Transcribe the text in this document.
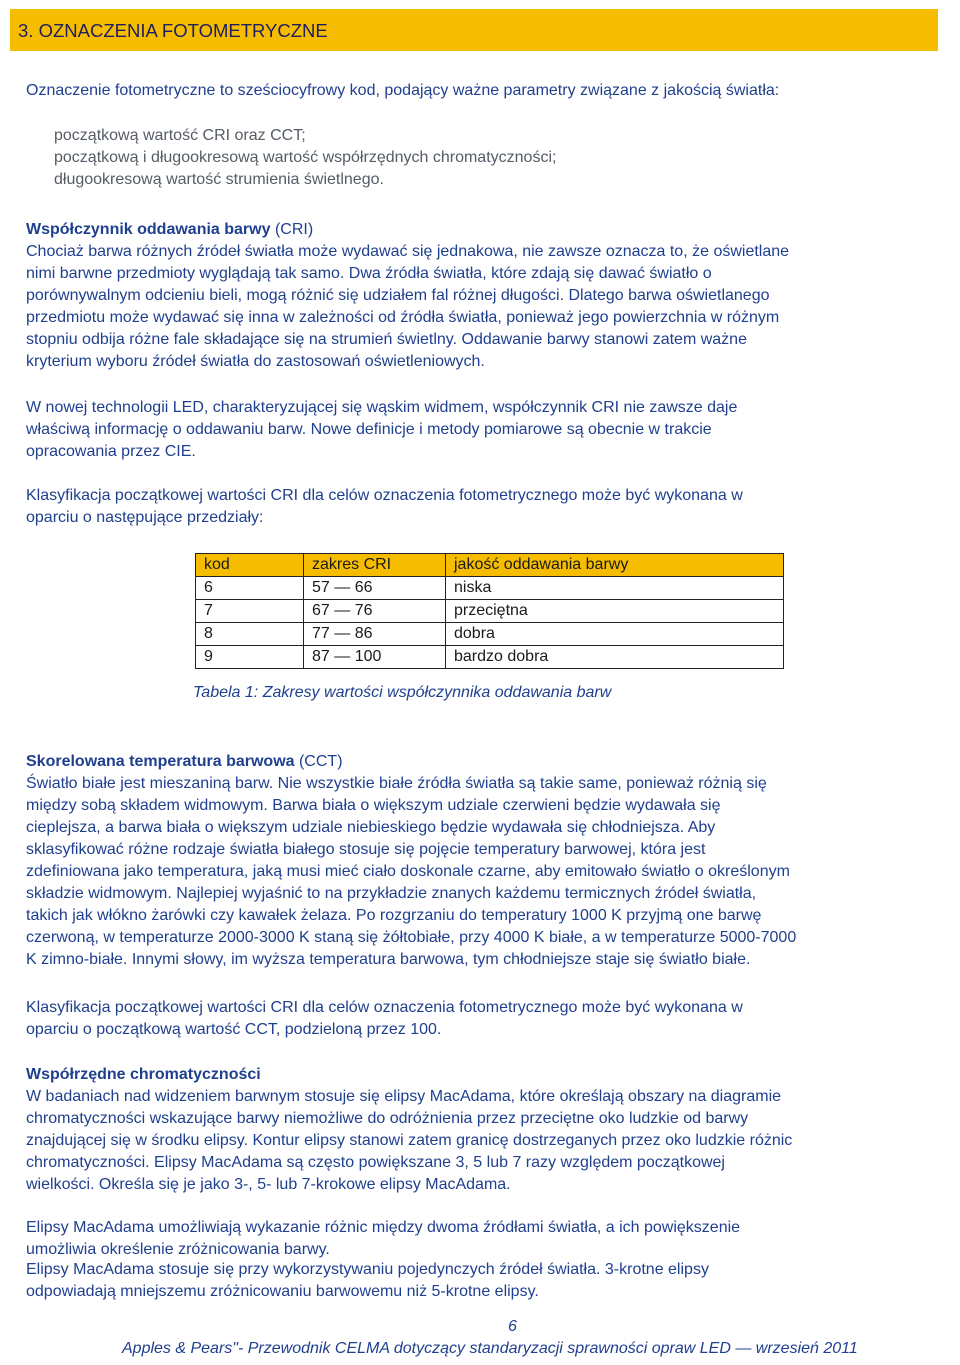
3. OZNACZENIA FOTOMETRYCZNE
Oznaczenie fotometryczne to sześciocyfrowy kod, podający ważne parametry związane z jakością światła:
początkową wartość CRI oraz CCT;
początkową i długookresową wartość współrzędnych chromatyczności;
długookresową wartość strumienia świetlnego.
Współczynnik oddawania barwy (CRI)
Chociaż barwa różnych źródeł światła może wydawać się jednakowa, nie zawsze oznacza to, że oświetlane
nimi barwne przedmioty wyglądają tak samo. Dwa źródła światła, które zdają się dawać światło o
porównywalnym odcieniu bieli, mogą różnić się udziałem fal różnej długości. Dlatego barwa oświetlanego
przedmiotu może wydawać się inna w zależności od źródła światła, ponieważ jego powierzchnia w różnym
stopniu odbija różne fale składające się na strumień świetlny. Oddawanie barwy stanowi zatem ważne
kryterium wyboru źródeł światła do zastosowań oświetleniowych.
W nowej technologii LED, charakteryzującej się wąskim widmem, współczynnik CRI nie zawsze daje
właściwą informację o oddawaniu barw. Nowe definicje i metody pomiarowe są obecnie w trakcie
opracowania przez CIE.
Klasyfikacja początkowej wartości CRI dla celów oznaczenia fotometrycznego może być wykonana w
oparciu o następujące przedziały:
kod	zakres CRI	jakość oddawania barwy
6	57 — 66	niska
7	67 — 76	przeciętna
8	77 — 86	dobra
9	87 — 100	bardzo dobra
Tabela 1: Zakresy wartości współczynnika oddawania barw
Skorelowana temperatura barwowa (CCT)
Światło białe jest mieszaniną barw. Nie wszystkie białe źródła światła są takie same, ponieważ różnią się
między sobą składem widmowym. Barwa biała o większym udziale czerwieni będzie wydawała się
cieplejsza, a barwa biała o większym udziale niebieskiego będzie wydawała się chłodniejsza. Aby
sklasyfikować różne rodzaje światła białego stosuje się pojęcie temperatury barwowej, która jest
zdefiniowana jako temperatura, jaką musi mieć ciało doskonale czarne, aby emitowało światło o określonym
składzie widmowym. Najlepiej wyjaśnić to na przykładzie znanych każdemu termicznych źródeł światła,
takich jak włókno żarówki czy kawałek żelaza. Po rozgrzaniu do temperatury 1000 K przyjmą one barwę
czerwoną, w temperaturze 2000-3000 K staną się żółtobiałe, przy 4000 K białe, a w temperaturze 5000-7000
K zimno-białe. Innymi słowy, im wyższa temperatura barwowa, tym chłodniejsze staje się światło białe.
Klasyfikacja początkowej wartości CRI dla celów oznaczenia fotometrycznego może być wykonana w
oparciu o początkową wartość CCT, podzieloną przez 100.
Współrzędne chromatyczności
W badaniach nad widzeniem barwnym stosuje się elipsy MacAdama, które określają obszary na diagramie
chromatyczności wskazujące barwy niemożliwe do odróżnienia przez przeciętne oko ludzkie od barwy
znajdującej się w środku elipsy. Kontur elipsy stanowi zatem granicę dostrzeganych przez oko ludzkie różnic
chromatyczności. Elipsy MacAdama są często powiększane 3, 5 lub 7 razy względem początkowej
wielkości. Określa się je jako 3-, 5- lub 7-krokowe elipsy MacAdama.
Elipsy MacAdama umożliwiają wykazanie różnic między dwoma źródłami światła, a ich powiększenie
umożliwia określenie zróżnicowania barwy.
Elipsy MacAdama stosuje się przy wykorzystywaniu pojedynczych źródeł światła. 3-krotne elipsy
odpowiadają mniejszemu zróżnicowaniu barwowemu niż 5-krotne elipsy.
6
Apples & Pears"- Przewodnik CELMA dotyczący standaryzacji sprawności opraw LED — wrzesień 2011
